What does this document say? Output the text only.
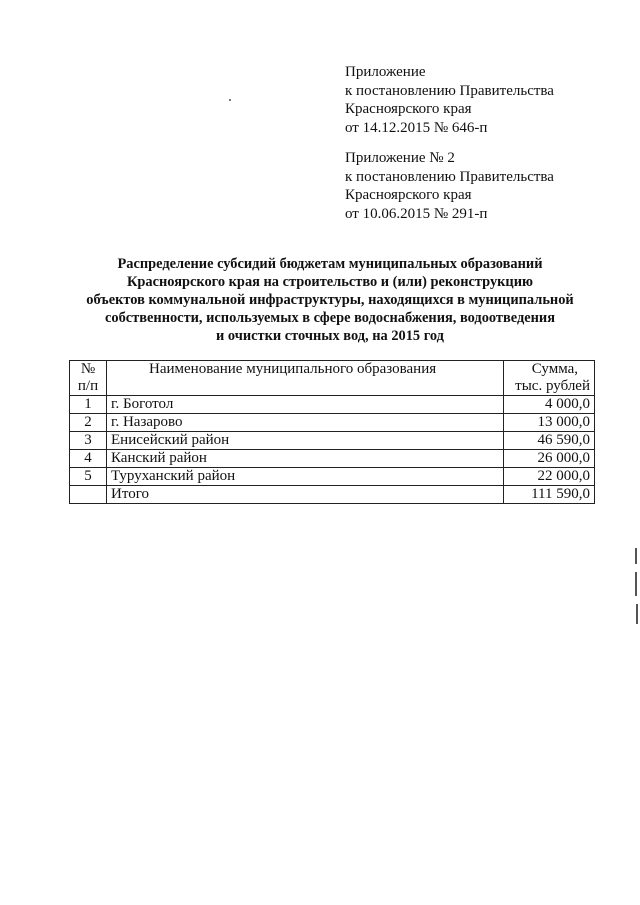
Приложение
к постановлению Правительства
Красноярского края
от 14.12.2015 № 646-п
Приложение № 2
к постановлению Правительства
Красноярского края
от 10.06.2015 № 291-п
Распределение субсидий бюджетам муниципальных образований
Красноярского края на строительство и (или) реконструкцию
объектов коммунальной инфраструктуры, находящихся в муниципальной
собственности, используемых в сфере водоснабжения, водоотведения
и очистки сточных вод, на 2015 год
№
п/п	Наименование муниципального образования	Сумма,
тыс. рублей

1	г. Боготол	4 000,0
2	г. Назарово	13 000,0
3	Енисейский район	46 590,0
4	Канский район	26 000,0
5	Туруханский район	22 000,0
	Итого	111 590,0
